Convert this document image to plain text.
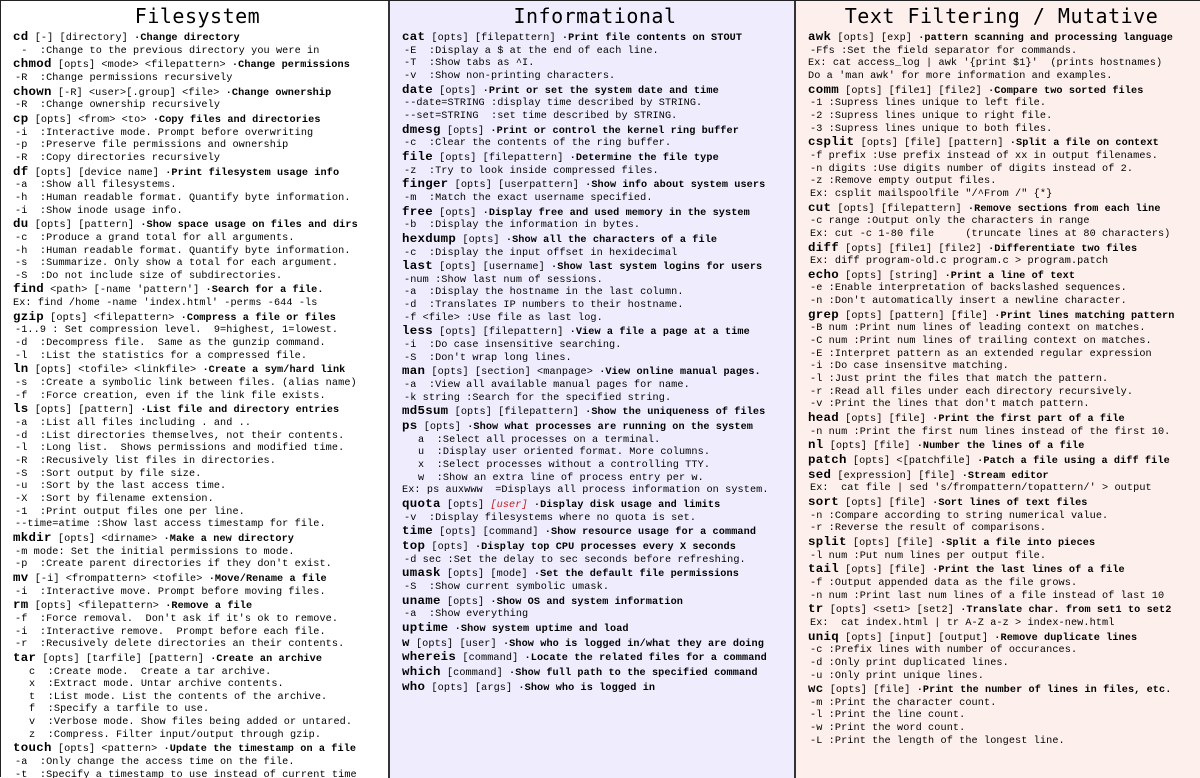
Filesystem
cd [-] [directory] ·Change directory
-  :Change to the previous directory you were in
chmod [opts] <mode> <filepattern> ·Change permissions
-R  :Change permissions recursively
chown [-R] <user>[.group] <file> ·Change ownership
-R  :Change ownership recursively
cp [opts] <from> <to> ·Copy files and directories
-i  :Interactive mode. Prompt before overwriting
-p  :Preserve file permissions and ownership
-R  :Copy directories recursively
df [opts] [device name] ·Print filesystem usage info
-a  :Show all filesystems.
-h  :Human readable format. Quantify byte information.
-i  :Show inode usage info.
du [opts] [pattern] ·Show space usage on files and dirs
-c  :Produce a grand total for all arguments.
-h  :Human readable format. Quantify byte information.
-s  :Summarize. Only show a total for each argument.
-S  :Do not include size of subdirectories.
find <path> [-name 'pattern'] ·Search for a file.
Ex: find /home -name 'index.html' -perms -644 -ls
gzip [opts] <filepattern> ·Compress a file or files
-1..9 : Set compression level.  9=highest, 1=lowest.
-d  :Decompress file.  Same as the gunzip command.
-l  :List the statistics for a compressed file.
ln [opts] <tofile> <linkfile> ·Create a sym/hard link
-s  :Create a symbolic link between files. (alias name)
-f  :Force creation, even if the link file exists.
ls [opts] [pattern] ·List file and directory entries
-a  :List all files including . and ..
-d  :List directories themselves, not their contents.
-l  :Long list.  Shows permissions and modified time.
-R  :Recusively list files in directories.
-S  :Sort output by file size.
-u  :Sort by the last access time.
-X  :Sort by filename extension.
-1  :Print output files one per line.
--time=atime :Show last access timestamp for file.
mkdir [opts] <dirname> ·Make a new directory
-m mode: Set the initial permissions to mode.
-p  :Create parent directories if they don't exist.
mv [-i] <frompattern> <tofile> ·Move/Rename a file
-i  :Interactive move. Prompt before moving files.
rm [opts] <filepattern> ·Remove a file
-f  :Force removal.  Don't ask if it's ok to remove.
-i  :Interactive remove.  Prompt before each file.
-r  :Recusively delete directories an their contents.
tar [opts] [tarfile] [pattern] ·Create an archive
c  :Create mode.  Create a tar archive.
x  :Extract mode. Untar archive contents.
t  :List mode. List the contents of the archive.
f  :Specify a tarfile to use.
v  :Verbose mode. Show files being added or untared.
z  :Compress. Filter input/output through gzip.
touch [opts] <pattern> ·Update the timestamp on a file
-a  :Only change the access time on the file.
-t  :Specify a timestamp to use instead of current time
Informational
cat [opts] [filepattern] ·Print file contents on STOUT
-E  :Display a $ at the end of each line.
-T  :Show tabs as ^I.
-v  :Show non-printing characters.
date [opts] ·Print or set the system date and time
--date=STRING :display time described by STRING.
--set=STRING  :set time described by STRING.
dmesg [opts] ·Print or control the kernel ring buffer
-c  :Clear the contents of the ring buffer.
file [opts] [filepattern] ·Determine the file type
-z  :Try to look inside compressed files.
finger [opts] [userpattern] ·Show info about system users
-m  :Match the exact username specified.
free [opts] ·Display free and used memory in the system
-b  :Display the information in bytes.
hexdump [opts] ·Show all the characters of a file
-c  :Display the input offset in hexidecimal
last [opts] [username] ·Show last system logins for users
-num :Show last num of sessions.
-a  :Display the hostname in the last column.
-d  :Translates IP numbers to their hostname.
-f <file> :Use file as last log.
less [opts] [filepattern] ·View a file a page at a time
-i  :Do case insensitive searching.
-S  :Don't wrap long lines.
man [opts] [section] <manpage> ·View online manual pages.
-a  :View all available manual pages for name.
-k string :Search for the specified string.
md5sum [opts] [filepattern] ·Show the uniqueness of files
ps [opts] ·Show what processes are running on the system
a  :Select all processes on a terminal.
u  :Display user oriented format. More columns.
x  :Select processes without a controlling TTY.
w  :Show an extra line of process entry per w.
Ex: ps auxwww  =Displays all process information on system.
quota [opts] [user] ·Display disk usage and limits
-v  :Display filesystems where no quota is set.
time [opts] [command] ·Show resource usage for a command
top [opts] ·Display top CPU processes every X seconds
-d sec :Set the delay to sec seconds before refreshing.
umask [opts] [mode] ·Set the default file permissions
-S  :Show current symbolic umask.
uname [opts] ·Show OS and system information
-a  :Show everything
uptime ·Show system uptime and load
w [opts] [user] ·Show who is logged in/what they are doing
whereis [command] ·Locate the related files for a command
which [command] ·Show full path to the specified command
who [opts] [args] ·Show who is logged in
Text Filtering / Mutative
awk [opts] [exp] ·pattern scanning and processing language
-Ffs :Set the field separator for commands.
Ex: cat access_log | awk '{print $1}'  (prints hostnames)
Do a 'man awk' for more information and examples.
comm [opts] [file1] [file2] ·Compare two sorted files
-1 :Supress lines unique to left file.
-2 :Supress lines unique to right file.
-3 :Supress lines unique to both files.
csplit [opts] [file] [pattern] ·Split a file on context
-f prefix :Use prefix instead of xx in output filenames.
-n digits :Use digits number of digits instead of 2.
-z :Remove empty output files.
Ex: csplit mailspoolfile "/^From /" {*}
cut [opts] [filepattern] ·Remove sections from each line
-c range :Output only the characters in range
Ex: cut -c 1-80 file     (truncate lines at 80 characters)
diff [opts] [file1] [file2] ·Differentiate two files
Ex: diff program-old.c program.c > program.patch
echo [opts] [string] ·Print a line of text
-e :Enable interpretation of backslashed sequences.
-n :Don't automatically insert a newline character.
grep [opts] [pattern] [file] ·Print lines matching pattern
-B num :Print num lines of leading context on matches.
-C num :Print num lines of trailing context on matches.
-E :Interpret pattern as an extended regular expression
-i :Do case insensitve matching.
-l :Just print the files that match the pattern.
-r :Read all files under each directory recursively.
-v :Print the lines that don't match pattern.
head [opts] [file] ·Print the first part of a file
-n num :Print the first num lines instead of the first 10.
nl [opts] [file] ·Number the lines of a file
patch [opts] <[patchfile] ·Patch a file using a diff file
sed [expression] [file] ·Stream editor
Ex:  cat file | sed 's/frompattern/topattern/' > output
sort [opts] [file] ·Sort lines of text files
-n :Compare according to string numerical value.
-r :Reverse the result of comparisons.
split [opts] [file] ·Split a file into pieces
-l num :Put num lines per output file.
tail [opts] [file] ·Print the last lines of a file
-f :Output appended data as the file grows.
-n num :Print last num lines of a file instead of last 10
tr [opts] <set1> [set2] ·Translate char. from set1 to set2
Ex:  cat index.html | tr A-Z a-z > index-new.html
uniq [opts] [input] [output] ·Remove duplicate lines
-c :Prefix lines with number of occurances.
-d :Only print duplicated lines.
-u :Only print unique lines.
wc [opts] [file] ·Print the number of lines in files, etc.
-m :Print the character count.
-l :Print the line count.
-w :Print the word count.
-L :Print the length of the longest line.
